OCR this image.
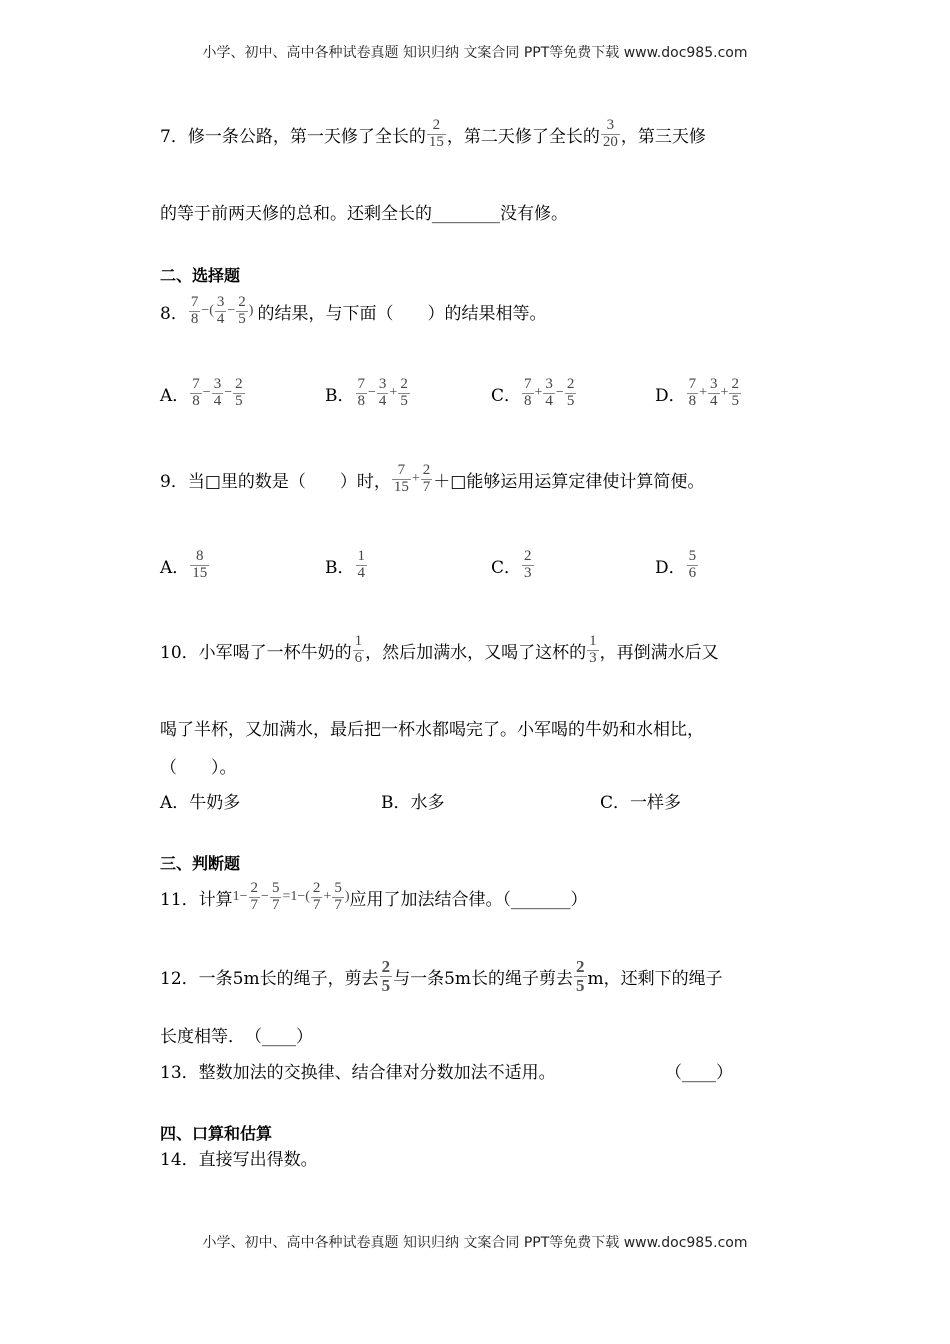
小学、初中、高中各种试卷真题 知识归纳 文案合同 PPT等免费下载 www.doc985.com
7．修一条公路，第一天修了全长的 $\frac{2}{15}$ ，第二天修了全长的 $\frac{3}{20}$ ，第三天修
的等于前两天修的总和。还剩全长的________没有修。
二、选择题
8． $\frac{7}{8}$ −( $\frac{3}{4} - \frac{2}{5}$ ) 的结果，与下面（　　）的结果相等。
A． $\frac{7}{8} - \frac{3}{4} - \frac{2}{5}$	B． $\frac{7}{8} - \frac{3}{4} + \frac{2}{5}$	C． $\frac{7}{8} + \frac{3}{4} - \frac{2}{5}$	D． $\frac{7}{8} + \frac{3}{4} + \frac{2}{5}$
9．当□里的数是（　　）时， $\frac{7}{15} + \frac{2}{7}$ ＋□能够运用运算定律使计算简便。
A． $\frac{8}{15}$	B． $\frac{1}{4}$	C． $\frac{2}{3}$	D． $\frac{5}{6}$
10．小军喝了一杯牛奶的 $\frac{1}{6}$ ，然后加满水，又喝了这杯的 $\frac{1}{3}$ ，再倒满水后又
喝了半杯，又加满水，最后把一杯水都喝完了。小军喝的牛奶和水相比，
（　　）。
A．牛奶多	B．水多	C．一样多
三、判断题
11．计算 $1- \frac{2}{7} - \frac{5}{7} =1-( \frac{2}{7} + \frac{5}{7}$ ) 应用了加法结合律。（_______）
12．一条5m长的绳子，剪去 $\frac{2}{5}$ 与一条5m长的绳子剪去 $\frac{2}{5}$ m，还剩下的绳子
长度相等．　（____）
13．整数加法的交换律、结合律对分数加法不适用。	（____）
四、口算和估算
14．直接写出得数。
小学、初中、高中各种试卷真题 知识归纳 文案合同 PPT等免费下载 www.doc985.com
